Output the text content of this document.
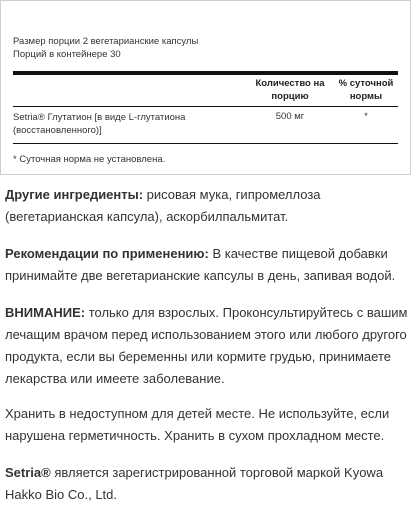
Размер порции 2 вегетарианские капсулы
Порций в контейнере 30
Количество на
порцию
% суточной
нормы
Setria® Глутатион [в виде L-глутатиона
(восстановленного)]
500 мг	*
* Суточная норма не установлена.

Другие ингредиенты: рисовая мука, гипромеллоза (вегетарианская капсула), аскорбилпальмитат.

Рекомендации по применению: В качестве пищевой добавки принимайте две вегетарианские капсулы в день, запивая водой.

ВНИМАНИЕ: только для взрослых. Проконсультируйтесь с вашим лечащим врачом перед использованием этого или любого другого продукта, если вы беременны или кормите грудью, принимаете лекарства или имеете заболевание.

Хранить в недоступном для детей месте. Не используйте, если нарушена герметичность. Хранить в сухом прохладном месте.

Setria® является зарегистрированной торговой маркой Kyowa Hakko Bio Co., Ltd.
